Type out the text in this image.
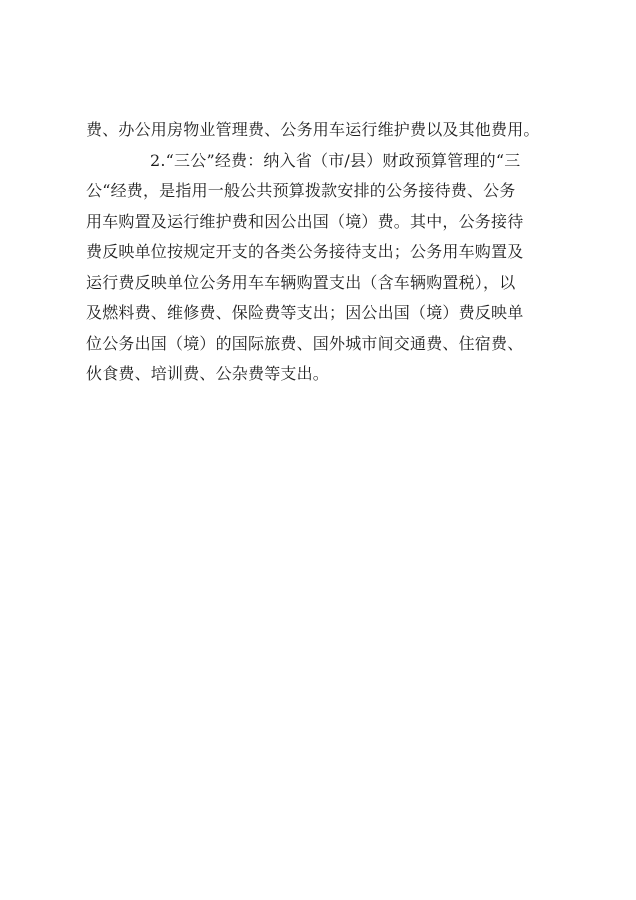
费、办公用房物业管理费、公务用车运行维护费以及其他费用。
2.“三公”经费：纳入省（市/县）财政预算管理的“三
公“经费，是指用一般公共预算拨款安排的公务接待费、公务
用车购置及运行维护费和因公出国（境）费。其中，公务接待
费反映单位按规定开支的各类公务接待支出；公务用车购置及
运行费反映单位公务用车车辆购置支出（含车辆购置税），以
及燃料费、维修费、保险费等支出；因公出国（境）费反映单
位公务出国（境）的国际旅费、国外城市间交通费、住宿费、
伙食费、培训费、公杂费等支出。
